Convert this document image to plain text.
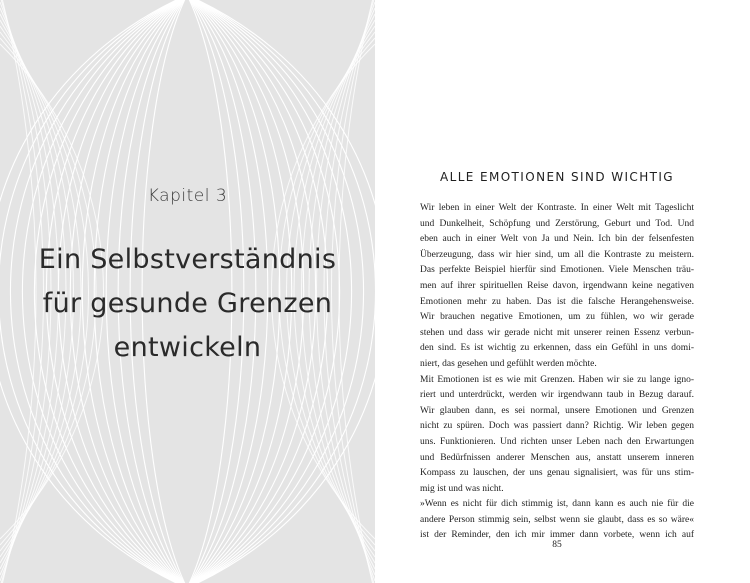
Kapitel 3
Ein Selbstverständnis
für gesunde Grenzen
entwickeln
ALLE EMOTIONEN SIND WICHTIG
Wir leben in einer Welt der Kontraste. In einer Welt mit Tageslicht
und Dunkelheit, Schöpfung und Zerstörung, Geburt und Tod. Und
eben auch in einer Welt von Ja und Nein. Ich bin der felsenfesten
Überzeugung, dass wir hier sind, um all die Kontraste zu meistern.
Das perfekte Beispiel hierfür sind Emotionen. Viele Menschen träu-
men auf ihrer spirituellen Reise davon, irgendwann keine negativen
Emotionen mehr zu haben. Das ist die falsche Herangehensweise.
Wir brauchen negative Emotionen, um zu fühlen, wo wir gerade
stehen und dass wir gerade nicht mit unserer reinen Essenz verbun-
den sind. Es ist wichtig zu erkennen, dass ein Gefühl in uns domi-
niert, das gesehen und gefühlt werden möchte.
Mit Emotionen ist es wie mit Grenzen. Haben wir sie zu lange igno-
riert und unterdrückt, werden wir irgendwann taub in Bezug darauf.
Wir glauben dann, es sei normal, unsere Emotionen und Grenzen
nicht zu spüren. Doch was passiert dann? Richtig. Wir leben gegen
uns. Funktionieren. Und richten unser Leben nach den Erwartungen
und Bedürfnissen anderer Menschen aus, anstatt unserem inneren
Kompass zu lauschen, der uns genau signalisiert, was für uns stim-
mig ist und was nicht.
»Wenn es nicht für dich stimmig ist, dann kann es auch nie für die
andere Person stimmig sein, selbst wenn sie glaubt, dass es so wäre«
ist der Reminder, den ich mir immer dann vorbete, wenn ich auf
85
